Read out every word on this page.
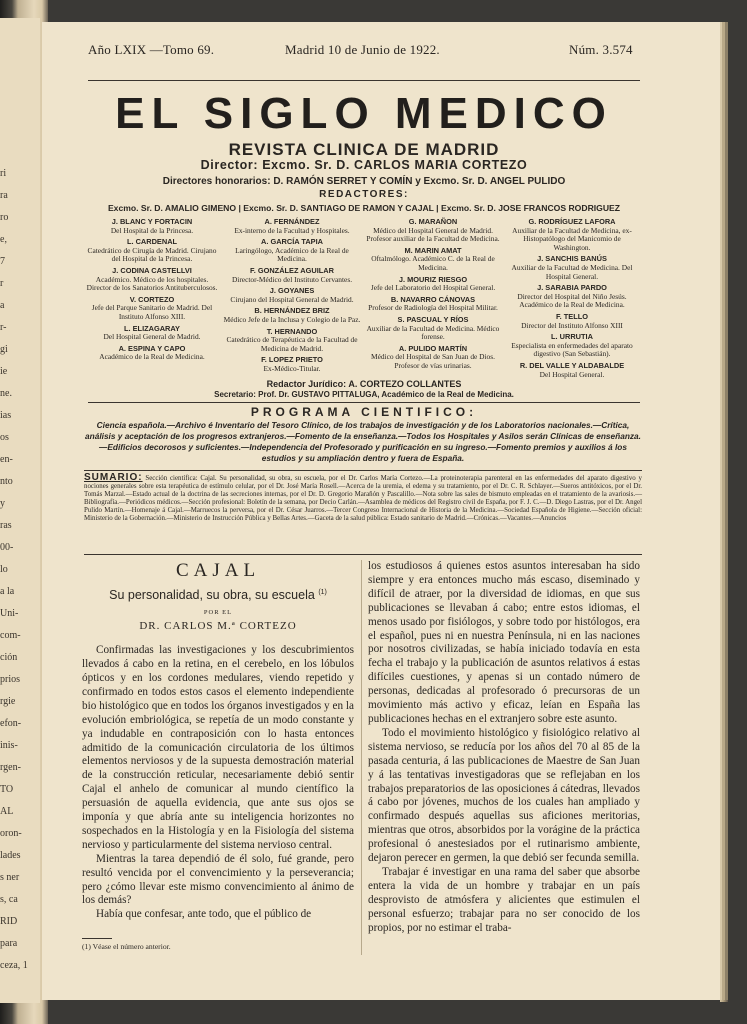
ri
ra
ro
e,
7
r
a
r-
gi
ie
ne.
ias
os
en-
nto
y
ras
00-
lo
a la
Uni-
com-
ción
prios
rgie
efon-
inis-
rgen-
TO
AL
oron-
lades
s ner
s, ca
RID
para
ceza, 1
Año LXIX —Tomo 69.	Madrid 10 de Junio de 1922.	Núm. 3.574
EL SIGLO MEDICO
REVISTA CLINICA DE MADRID
Director: Excmo. Sr. D. CARLOS MARIA CORTEZO
Directores honorarios: D. RAMÓN SERRET Y COMÍN y Excmo. Sr. D. ANGEL PULIDO
REDACTORES:
Excmo. Sr. D. AMALIO GIMENO | Excmo. Sr. D. SANTIAGO DE RAMON Y CAJAL | Excmo. Sr. D. JOSE FRANCOS RODRIGUEZ
J. BLANC Y FORTACIN
Del Hospital de la Princesa.
L. CARDENAL
Catedrático de Cirugía de Madrid. Cirujano del Hospital de la Princesa.
J. CODINA CASTELLVI
Académico. Médico de los hospitales. Director de los Sanatorios Antituberculosos.
V. CORTEZO
Jefe del Parque Sanitario de Madrid. Del Instituto Alfonso XIII.
L. ELIZAGARAY
Del Hospital General de Madrid.
A. ESPINA Y CAPO
Académico de la Real de Medicina.
A. FERNÁNDEZ
Ex-interno de la Facultad y Hospitales.
A. GARCÍA TAPIA
Laringólogo, Académico de la Real de Medicina.
F. GONZÁLEZ AGUILAR
Director-Médico del Instituto Cervantes.
J. GOYANES
Cirujano del Hospital General de Madrid.
B. HERNÁNDEZ BRIZ
Médico Jefe de la Inclusa y Colegio de la Paz.
T. HERNANDO
Catedrático de Terapéutica de la Facultad de Medicina de Madrid.
F. LOPEZ PRIETO
Ex-Médico-Titular.
G. MARAÑON
Médico del Hospital General de Madrid. Profesor auxiliar de la Facultad de Medicina.
M. MARIN AMAT
Oftalmólogo. Académico C. de la Real de Medicina.
J. MOURIZ RIESGO
Jefe del Laboratorio del Hospital General.
B. NAVARRO CÁNOVAS
Profesor de Radiología del Hospital Militar.
S. PASCUAL Y RÍOS
Auxiliar de la Facultad de Medicina. Médico forense.
A. PULIDO MARTÍN
Médico del Hospital de San Juan de Dios. Profesor de vías urinarias.
G. RODRÍGUEZ LAFORA
Auxiliar de la Facultad de Medicina, ex-Histopatólogo del Manicomio de Washington.
J. SANCHIS BANÚS
Auxiliar de la Facultad de Medicina. Del Hospital General.
J. SARABIA PARDO
Director del Hospital del Niño Jesús. Académico de la Real de Medicina.
F. TELLO
Director del Instituto Alfonso XIII
L. URRUTIA
Especialista en enfermedades del aparato digestivo (San Sebastián).
R. DEL VALLE Y ALDABALDE
Del Hospital General.
Redactor Jurídico: A. CORTEZO COLLANTES
Secretario: Prof. Dr. GUSTAVO PITTALUGA, Académico de la Real de Medicina.
PROGRAMA CIENTIFICO:
Ciencia española.—Archivo é Inventario del Tesoro Clínico, de los trabajos de investigación y de los Laboratorios nacionales.—Crítica, análisis y aceptación de los progresos extranjeros.—Fomento de la enseñanza.—Todos los Hospitales y Asilos serán Clínicas de enseñanza.—Edificios decorosos y suficientes.—Independencia del Profesorado y purificación en su ingreso.—Fomento premios y auxilios á los estudios y su ampliación dentro y fuera de España.

SUMARIO: Sección científica: Cajal. Su personalidad, su obra, su escuela, por el Dr. Carlos María Cortezo.—La proteinoterapia parenteral en las enfermedades del aparato digestivo y nociones generales sobre esta terapéutica de estímulo celular, por el Dr. José María Rosell.—Acerca de la uremia, el edema y su tratamiento, por el Dr. C. R. Schlayer.—Sueros antitóxicos, por el Dr. Tomás Marzal.—Estado actual de la doctrina de las secreciones internas, por el Dr. D. Gregorio Marañón y Pascalillo.—Nota sobre las sales de bismuto empleadas en el tratamiento de la avariosis.—Bibliografía.—Periódicos médicos.—Sección profesional: Boletín de la semana, por Decio Carlán.—Asamblea de médicos del Registro civil de España, por F. J. C.—D. Diego Lastras, por el Dr. Angel Pulido Martín.—Homenaje á Cajal.—Marruecos la perversa, por el Dr. César Juarros.—Tercer Congreso Internacional de Historia de la Medicina.—Sociedad Española de Higiene.—Sección oficial: Ministerio de la Gobernación.—Ministerio de Instrucción Pública y Bellas Artes.—Gaceta de la salud pública: Estado sanitario de Madrid.—Crónicas.—Vacantes.—Anuncios

CAJAL
Su personalidad, su obra, su escuela $^{(1)}$
POR EL
DR. CARLOS M.ª CORTEZO

Confirmadas las investigaciones y los descubrimientos llevados á cabo en la retina, en el cerebelo, en los lóbulos ópticos y en los cordones medulares, viendo repetido y confirmado en todos estos casos el elemento independiente bio histológico que en todos los órganos investigados y en la evolución embriológica, se repetía de un modo constante y ya indudable en contraposición con lo hasta entonces admitido de la comunicación circulatoria de los últimos elementos nerviosos y de la supuesta demostración material de la construcción reticular, necesariamente debió sentir Cajal el anhelo de comunicar al mundo científico la persuasión de aquella evidencia, que ante sus ojos se imponía y que abría ante su inteligencia horizontes no sospechados en la Histología y en la Fisiología del sistema nervioso y particularmente del sistema nervioso central.

Mientras la tarea dependió de él solo, fué grande, pero resultó vencida por el convencimiento y la perseverancia; pero ¿cómo llevar este mismo convencimiento al ánimo de los demás?

Había que confesar, ante todo, que el público de

(1) Véase el número anterior.

los estudiosos á quienes estos asuntos interesaban ha sido siempre y era entonces mucho más escaso, diseminado y difícil de atraer, por la diversidad de idiomas, en que sus publicaciones se llevaban á cabo; entre estos idiomas, el menos usado por fisiólogos, y sobre todo por histólogos, era el español, pues ni en nuestra Península, ni en las naciones por nosotros civilizadas, se había iniciado todavía en esta fecha el trabajo y la publicación de asuntos relativos á estas difíciles cuestiones, y apenas si un contado número de personas, dedicadas al profesorado ó precursoras de un movimiento más activo y eficaz, leían en España las publicaciones hechas en el extranjero sobre este asunto.

Todo el movimiento histológico y fisiológico relativo al sistema nervioso, se reducía por los años del 70 al 85 de la pasada centuria, á las publicaciones de Maestre de San Juan y á las tentativas investigadoras que se reflejaban en los trabajos preparatorios de las oposiciones á cátedras, llevados á cabo por jóvenes, muchos de los cuales han ampliado y confirmado después aquellas sus aficiones meritorias, mientras que otros, absorbidos por la vorágine de la práctica profesional ó anestesiados por el rutinarismo ambiente, dejaron perecer en germen, la que debió ser fecunda semilla.

Trabajar é investigar en una rama del saber que absorbe entera la vida de un hombre y trabajar en un país desprovisto de atmósfera y alicientes que estimulen el personal esfuerzo; trabajar para no ser conocido de los propios, por no estimar el traba-
